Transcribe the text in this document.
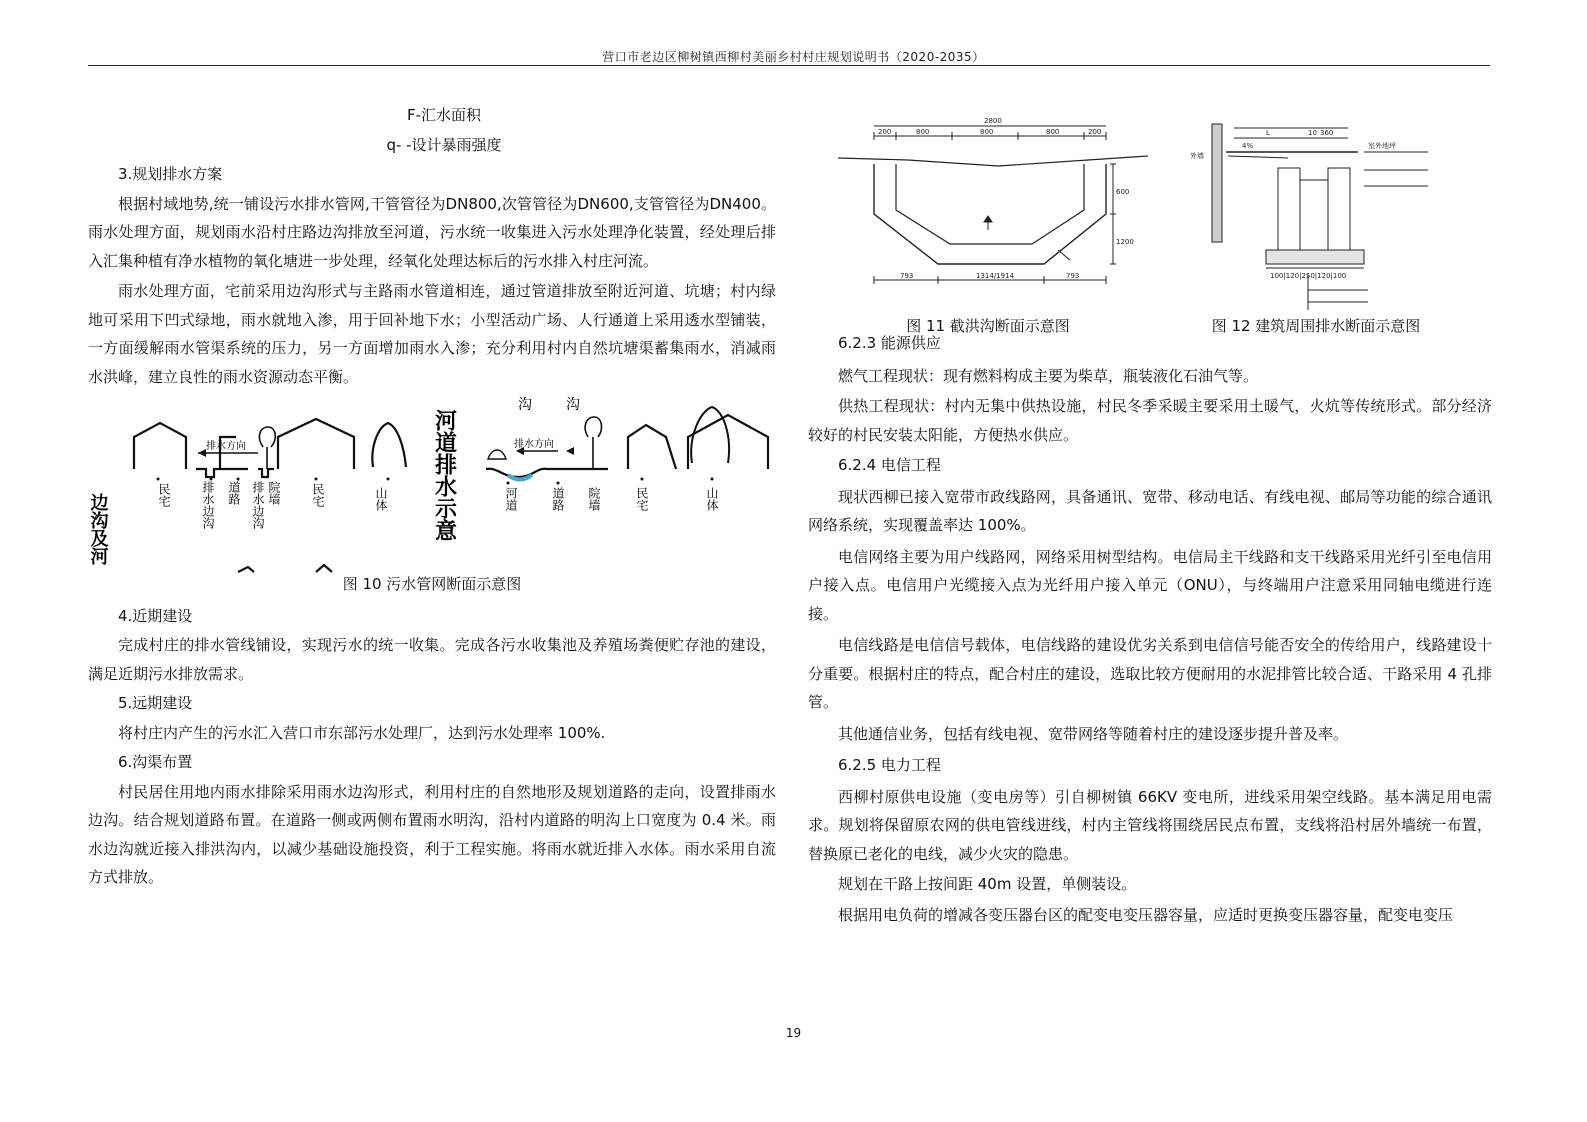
营口市老边区柳树镇西柳村美丽乡村村庄规划说明书（2020-2035）

F-汇水面积

q- -设计暴雨强度

3.规划排水方案

根据村域地势,统一铺设污水排水管网,干管管径为DN800,次管管径为DN600,支管管径为DN400。雨水处理方面，规划雨水沿村庄路边沟排放至河道，污水统一收集进入污水处理净化装置，经处理后排入汇集种植有净水植物的氧化塘进一步处理，经氧化处理达标后的污水排入村庄河流。

雨水处理方面，宅前采用边沟形式与主路雨水管道相连，通过管道排放至附近河道、坑塘；村内绿地可采用下凹式绿地，雨水就地入渗，用于回补地下水；小型活动广场、人行通道上采用透水型铺装，一方面缓解雨水管渠系统的压力，另一方面增加雨水入渗；充分利用村内自然坑塘渠蓄集雨水，消减雨水洪峰，建立良性的雨水资源动态平衡。

边沟及河	河道排水示意
沟 沟
排水方向	排水方向
民宅	排水边沟 道路 排水边沟 院墙	民宅	山体	河道	道路 院墙	民宅	山体

图 10 污水管网断面示意图

4.近期建设

完成村庄的排水管线铺设，实现污水的统一收集。完成各污水收集池及养殖场粪便贮存池的建设，满足近期污水排放需求。

5.远期建设

将村庄内产生的污水汇入营口市东部污水处理厂，达到污水处理率 100%.

6.沟渠布置

村民居住用地内雨水排除采用雨水边沟形式，利用村庄的自然地形及规划道路的走向，设置排雨水边沟。结合规划道路布置。在道路一侧或两侧布置雨水明沟，沿村内道路的明沟上口宽度为 0.4 米。雨水边沟就近接入排洪沟内，以减少基础设施投资，利于工程实施。将雨水就近排入水体。雨水采用自流方式排放。

2800
200	800	800	800	200
1314/1914
793	793
600
1200
4%
L	10 360
室外地坪
100|120|250|120|100
外墙
图 11 截洪沟断面示意图	图 12 建筑周围排水断面示意图

6.2.3 能源供应

燃气工程现状：现有燃料构成主要为柴草，瓶装液化石油气等。

供热工程现状：村内无集中供热设施，村民冬季采暖主要采用土暖气，火炕等传统形式。部分经济较好的村民安装太阳能，方便热水供应。

6.2.4 电信工程

现状西柳已接入宽带市政线路网，具备通讯、宽带、移动电话、有线电视、邮局等功能的综合通讯网络系统，实现覆盖率达 100%。

电信网络主要为用户线路网，网络采用树型结构。电信局主干线路和支干线路采用光纤引至电信用户接入点。电信用户光缆接入点为光纤用户接入单元（ONU），与终端用户注意采用同轴电缆进行连接。

电信线路是电信信号载体，电信线路的建设优劣关系到电信信号能否安全的传给用户，线路建设十分重要。根据村庄的特点，配合村庄的建设，选取比较方便耐用的水泥排管比较合适、干路采用 4 孔排管。

其他通信业务，包括有线电视、宽带网络等随着村庄的建设逐步提升普及率。

6.2.5 电力工程

西柳村原供电设施（变电房等）引自柳树镇 66KV 变电所，进线采用架空线路。基本满足用电需求。规划将保留原农网的供电管线进线，村内主管线将围绕居民点布置，支线将沿村居外墙统一布置，替换原已老化的电线，减少火灾的隐患。

规划在干路上按间距 40m 设置，单侧装设。

根据用电负荷的增减各变压器台区的配变电变压器容量，应适时更换变压器容量，配变电变压

19
